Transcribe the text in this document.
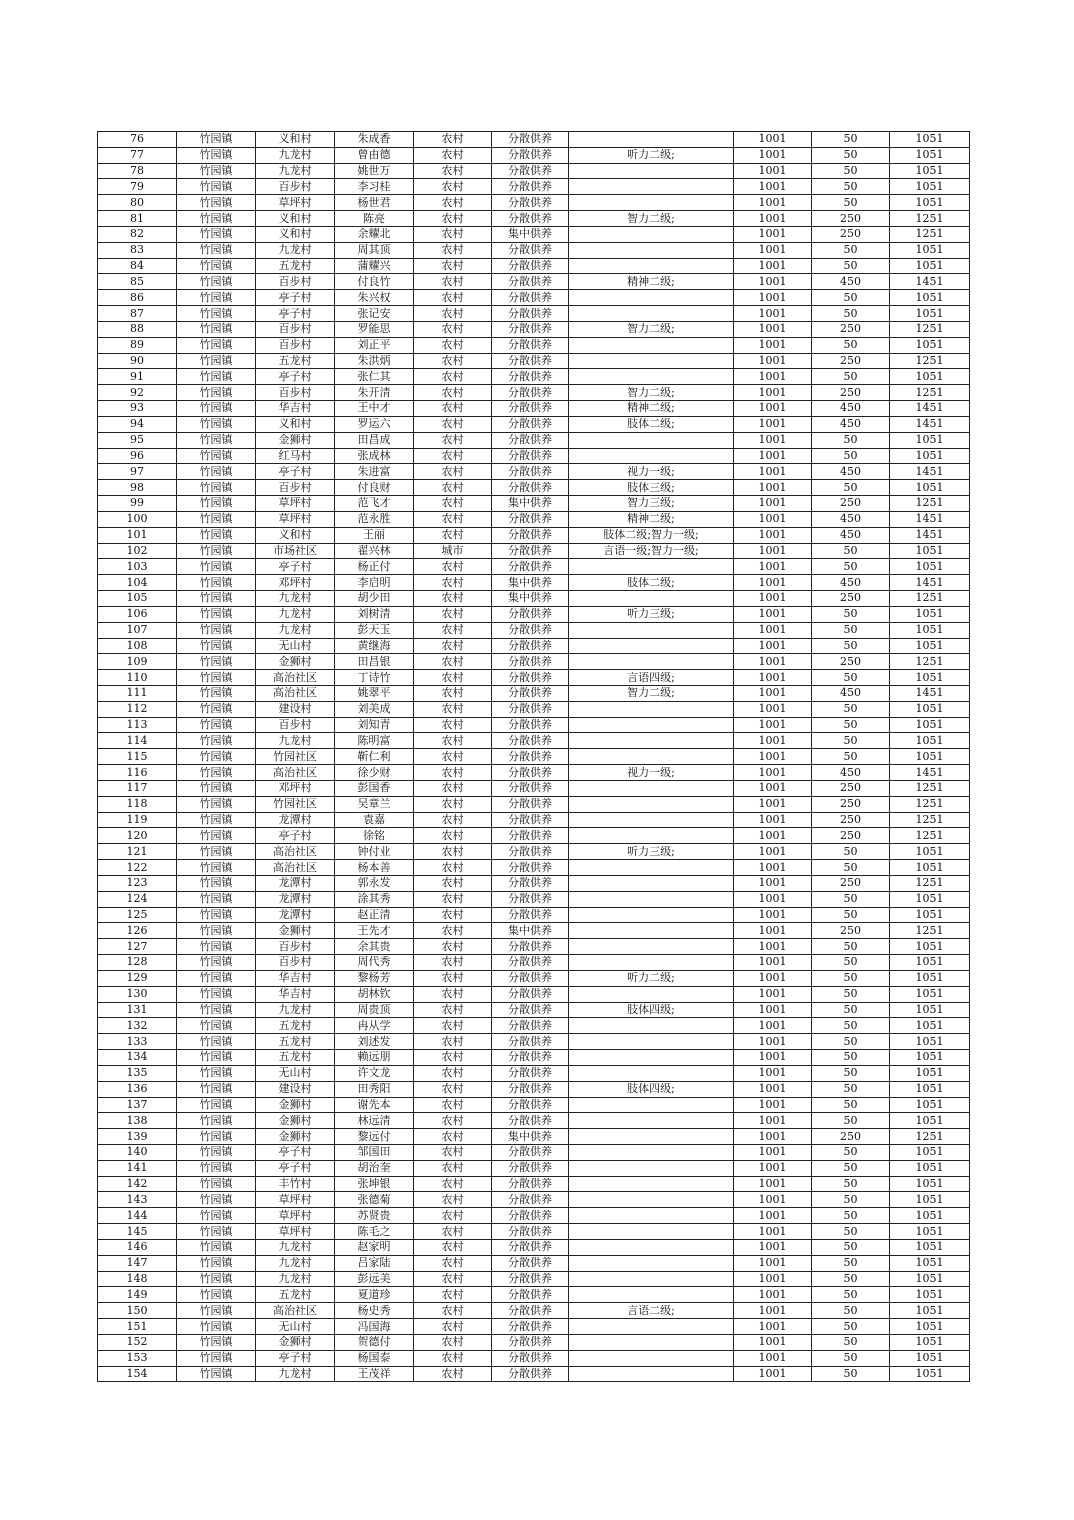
76	竹园镇	义和村	朱成香	农村	分散供养		1001	50	1051
77	竹园镇	九龙村	曾由德	农村	分散供养	听力二级;	1001	50	1051
78	竹园镇	九龙村	姚世万	农村	分散供养		1001	50	1051
79	竹园镇	百步村	李习桂	农村	分散供养		1001	50	1051
80	竹园镇	草坪村	杨世君	农村	分散供养		1001	50	1051
81	竹园镇	义和村	陈亮	农村	分散供养	智力二级;	1001	250	1251
82	竹园镇	义和村	余耀北	农村	集中供养		1001	250	1251
83	竹园镇	九龙村	周其顶	农村	分散供养		1001	50	1051
84	竹园镇	五龙村	蒲耀兴	农村	分散供养		1001	50	1051
85	竹园镇	百步村	付良竹	农村	分散供养	精神二级;	1001	450	1451
86	竹园镇	亭子村	朱兴权	农村	分散供养		1001	50	1051
87	竹园镇	亭子村	张记安	农村	分散供养		1001	50	1051
88	竹园镇	百步村	罗能思	农村	分散供养	智力二级;	1001	250	1251
89	竹园镇	百步村	刘正平	农村	分散供养		1001	50	1051
90	竹园镇	五龙村	朱洪炳	农村	分散供养		1001	250	1251
91	竹园镇	亭子村	张仁其	农村	分散供养		1001	50	1051
92	竹园镇	百步村	朱开清	农村	分散供养	智力二级;	1001	250	1251
93	竹园镇	华吉村	王中才	农村	分散供养	精神二级;	1001	450	1451
94	竹园镇	义和村	罗运六	农村	分散供养	肢体二级;	1001	450	1451
95	竹园镇	金狮村	田昌成	农村	分散供养		1001	50	1051
96	竹园镇	红马村	张成林	农村	分散供养		1001	50	1051
97	竹园镇	亭子村	朱进富	农村	分散供养	视力一级;	1001	450	1451
98	竹园镇	百步村	付良财	农村	分散供养	肢体三级;	1001	50	1051
99	竹园镇	草坪村	范飞才	农村	集中供养	智力三级;	1001	250	1251
100	竹园镇	草坪村	范永胜	农村	分散供养	精神二级;	1001	450	1451
101	竹园镇	义和村	王丽	农村	分散供养	肢体二级;智力一级;	1001	450	1451
102	竹园镇	市场社区	翟兴林	城市	分散供养	言语一级;智力一级;	1001	50	1051
103	竹园镇	亭子村	杨正付	农村	分散供养		1001	50	1051
104	竹园镇	邓坪村	李启明	农村	集中供养	肢体二级;	1001	450	1451
105	竹园镇	九龙村	胡少田	农村	集中供养		1001	250	1251
106	竹园镇	九龙村	刘树清	农村	分散供养	听力三级;	1001	50	1051
107	竹园镇	九龙村	彭天玉	农村	分散供养		1001	50	1051
108	竹园镇	无山村	黄继海	农村	分散供养		1001	50	1051
109	竹园镇	金狮村	田昌银	农村	分散供养		1001	250	1251
110	竹园镇	高治社区	丁诗竹	农村	分散供养	言语四级;	1001	50	1051
111	竹园镇	高治社区	姚翠平	农村	分散供养	智力二级;	1001	450	1451
112	竹园镇	建设村	刘美成	农村	分散供养		1001	50	1051
113	竹园镇	百步村	刘知青	农村	分散供养		1001	50	1051
114	竹园镇	九龙村	陈明富	农村	分散供养		1001	50	1051
115	竹园镇	竹园社区	靳仁利	农村	分散供养		1001	50	1051
116	竹园镇	高治社区	徐少财	农村	分散供养	视力一级;	1001	450	1451
117	竹园镇	邓坪村	彭国香	农村	分散供养		1001	250	1251
118	竹园镇	竹园社区	吴章兰	农村	分散供养		1001	250	1251
119	竹园镇	龙潭村	袁嘉	农村	分散供养		1001	250	1251
120	竹园镇	亭子村	徐铭	农村	分散供养		1001	250	1251
121	竹园镇	高治社区	钟付业	农村	分散供养	听力三级;	1001	50	1051
122	竹园镇	高治社区	杨本善	农村	分散供养		1001	50	1051
123	竹园镇	龙潭村	郭永发	农村	分散供养		1001	250	1251
124	竹园镇	龙潭村	涂其秀	农村	分散供养		1001	50	1051
125	竹园镇	龙潭村	赵正清	农村	分散供养		1001	50	1051
126	竹园镇	金狮村	王先才	农村	集中供养		1001	250	1251
127	竹园镇	百步村	余其贵	农村	分散供养		1001	50	1051
128	竹园镇	百步村	周代秀	农村	分散供养		1001	50	1051
129	竹园镇	华吉村	黎杨芳	农村	分散供养	听力二级;	1001	50	1051
130	竹园镇	华吉村	胡林钦	农村	分散供养		1001	50	1051
131	竹园镇	九龙村	周贵顶	农村	分散供养	肢体四级;	1001	50	1051
132	竹园镇	五龙村	冉从学	农村	分散供养		1001	50	1051
133	竹园镇	五龙村	刘述发	农村	分散供养		1001	50	1051
134	竹园镇	五龙村	赖远朋	农村	分散供养		1001	50	1051
135	竹园镇	无山村	许文龙	农村	分散供养		1001	50	1051
136	竹园镇	建设村	田秀阳	农村	分散供养	肢体四级;	1001	50	1051
137	竹园镇	金狮村	谢先本	农村	分散供养		1001	50	1051
138	竹园镇	金狮村	林远清	农村	分散供养		1001	50	1051
139	竹园镇	金狮村	黎远付	农村	集中供养		1001	250	1251
140	竹园镇	亭子村	邹国田	农村	分散供养		1001	50	1051
141	竹园镇	亭子村	胡治奎	农村	分散供养		1001	50	1051
142	竹园镇	丰竹村	张坤银	农村	分散供养		1001	50	1051
143	竹园镇	草坪村	张德菊	农村	分散供养		1001	50	1051
144	竹园镇	草坪村	苏贤贵	农村	分散供养		1001	50	1051
145	竹园镇	草坪村	陈毛之	农村	分散供养		1001	50	1051
146	竹园镇	九龙村	赵家明	农村	分散供养		1001	50	1051
147	竹园镇	九龙村	吕家陆	农村	分散供养		1001	50	1051
148	竹园镇	九龙村	彭远美	农村	分散供养		1001	50	1051
149	竹园镇	五龙村	夏道珍	农村	分散供养		1001	50	1051
150	竹园镇	高治社区	杨史秀	农村	分散供养	言语二级;	1001	50	1051
151	竹园镇	无山村	冯国海	农村	分散供养		1001	50	1051
152	竹园镇	金狮村	贺德付	农村	分散供养		1001	50	1051
153	竹园镇	亭子村	杨国泰	农村	分散供养		1001	50	1051
154	竹园镇	九龙村	王茂祥	农村	分散供养		1001	50	1051
